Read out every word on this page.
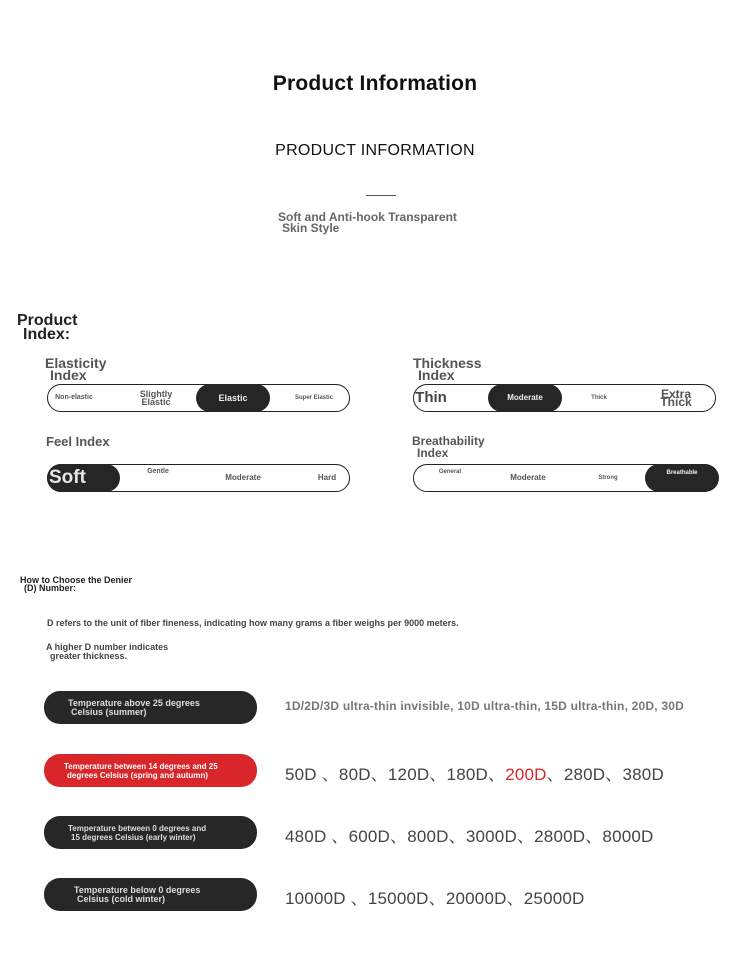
Product Information
PRODUCT INFORMATION
Soft and Anti-hook Transparent
Skin Style
Product
Index:
Elasticity
Index
Non-elastic	Slightly Elastic	Elastic	Super Elastic
Thickness
Index
Thin	Moderate	Thick	Extra Thick
Feel Index
Soft	Gentle
Moderate	Hard
Breathability
Index
General
Moderate	Strong
Breathable
How to Choose the Denier
(D) Number:
D refers to the unit of fiber fineness, indicating how many grams a fiber weighs per 9000 meters.
A higher D number indicates
greater thickness.
Temperature above 25 degrees
Celsius (summer)	1D/2D/3D ultra-thin invisible, 10D ultra-thin, 15D ultra-thin, 20D, 30D
Temperature between 14 degrees and 25
degrees Celsius (spring and autumn)	50D 、80D、120D、180D、200D、280D、380D
Temperature between 0 degrees and
15 degrees Celsius (early winter)	480D 、600D、800D、3000D、2800D、8000D
Temperature below 0 degrees
Celsius (cold winter)	10000D 、15000D、20000D、25000D
